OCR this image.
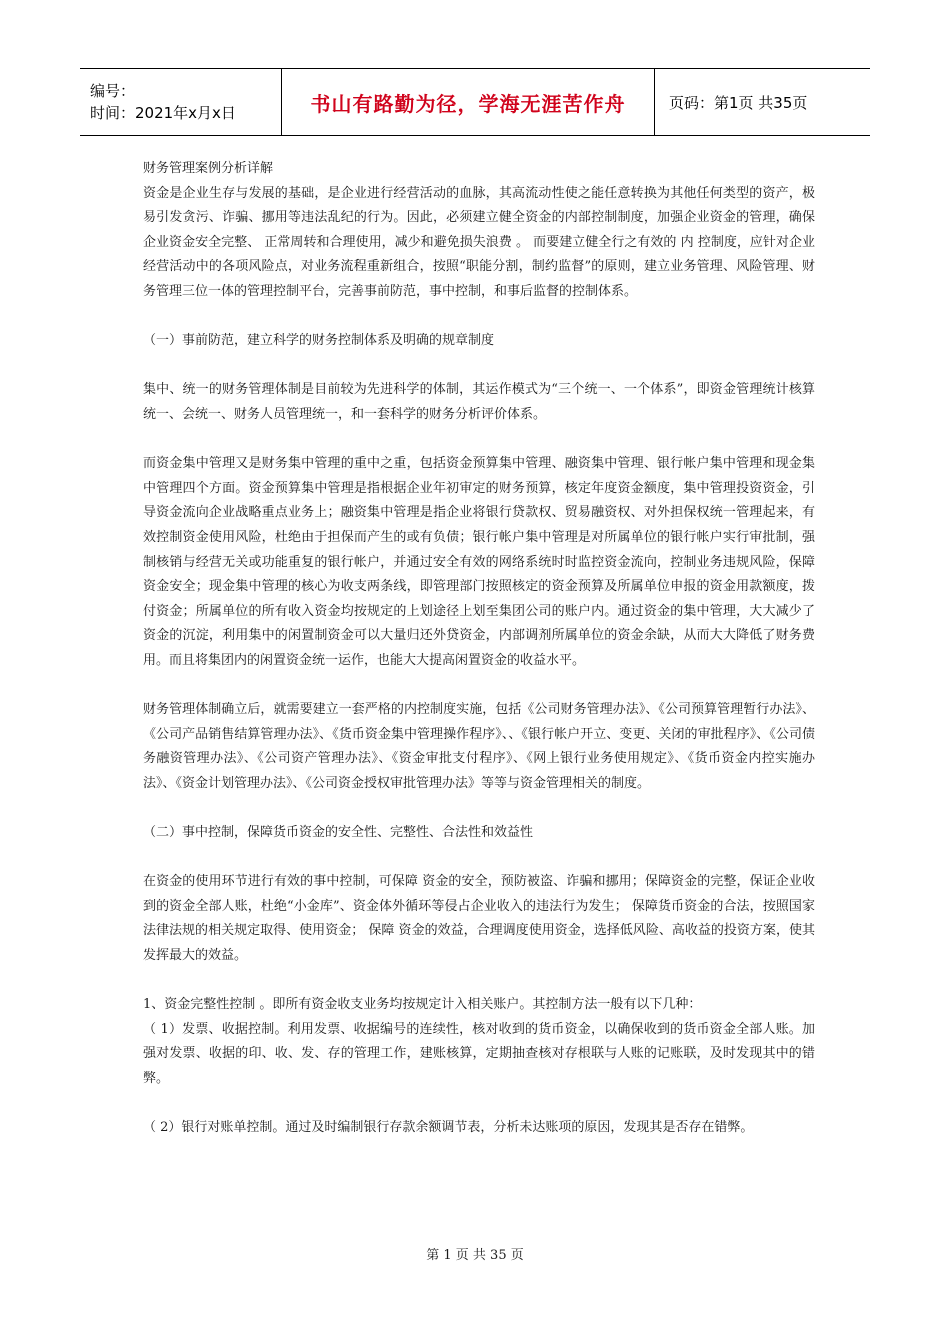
编号：
时间：2021年x月x日	书山有路勤为径，学海无涯苦作舟	页码：第1页 共35页

财务管理案例分析详解

资金是企业生存与发展的基础，是企业进行经营活动的血脉，其高流动性使之能任意转换为其他任何类型的资产，极易引发贪污、诈骗、挪用等违法乱纪的行为。因此，必须建立健全资金的内部控制制度，加强企业资金的管理，确保企业资金安全完整、 正常周转和合理使用，减少和避免损失浪费 。 而要建立健全行之有效的 内 控制度，应针对企业经营活动中的各项风险点，对业务流程重新组合，按照“职能分割，制约监督”的原则，建立业务管理、风险管理、财务管理三位一体的管理控制平台，完善事前防范，事中控制，和事后监督的控制体系。

（一）事前防范，建立科学的财务控制体系及明确的规章制度

集中、统一的财务管理体制是目前较为先进科学的体制，其运作模式为“三个统一、一个体系”，即资金管理统计核算统一、会统一、财务人员管理统一，和一套科学的财务分析评价体系。

而资金集中管理又是财务集中管理的重中之重，包括资金预算集中管理、融资集中管理、银行帐户集中管理和现金集中管理四个方面。资金预算集中管理是指根据企业年初审定的财务预算，核定年度资金额度，集中管理投资资金，引导资金流向企业战略重点业务上；融资集中管理是指企业将银行贷款权、贸易融资权、对外担保权统一管理起来，有效控制资金使用风险，杜绝由于担保而产生的或有负债；银行帐户集中管理是对所属单位的银行帐户实行审批制，强制核销与经营无关或功能重复的银行帐户，并通过安全有效的网络系统时时监控资金流向，控制业务违规风险，保障资金安全；现金集中管理的核心为收支两条线，即管理部门按照核定的资金预算及所属单位申报的资金用款额度，拨付资金；所属单位的所有收入资金均按规定的上划途径上划至集团公司的账户内。通过资金的集中管理，大大减少了资金的沉淀，利用集中的闲置制资金可以大量归还外贷资金，内部调剂所属单位的资金余缺，从而大大降低了财务费用。而且将集团内的闲置资金统一运作，也能大大提高闲置资金的收益水平。

财务管理体制确立后，就需要建立一套严格的内控制度实施，包括《公司财务管理办法》、《公司预算管理暂行办法》、《公司产品销售结算管理办法》、《货币资金集中管理操作程序》、、《银行帐户开立、变更、关闭的审批程序》、《公司债务融资管理办法》、《公司资产管理办法》、《资金审批支付程序》、《网上银行业务使用规定》、《货币资金内控实施办法》、《资金计划管理办法》、《公司资金授权审批管理办法》等等与资金管理相关的制度。

（二）事中控制，保障货币资金的安全性、完整性、合法性和效益性

在资金的使用环节进行有效的事中控制，可保障 资金的安全，预防被盗、诈骗和挪用；保障资金的完整，保证企业收到的资金全部人账，杜绝“小金库”、资金体外循环等侵占企业收入的违法行为发生； 保障货币资金的合法，按照国家法律法规的相关规定取得、使用资金； 保障 资金的效益，合理调度使用资金，选择低风险、高收益的投资方案，使其发挥最大的效益。

1、资金完整性控制 。即所有资金收支业务均按规定计入相关账户。其控制方法一般有以下几种：

（ 1）发票、收据控制。利用发票、收据编号的连续性，核对收到的货币资金，以确保收到的货币资金全部人账。加强对发票、收据的印、收、发、存的管理工作，建账核算，定期抽查核对存根联与人账的记账联，及时发现其中的错弊。

（ 2）银行对账单控制。通过及时编制银行存款余额调节表，分析未达账项的原因，发现其是否存在错弊。

第 1 页 共 35 页
